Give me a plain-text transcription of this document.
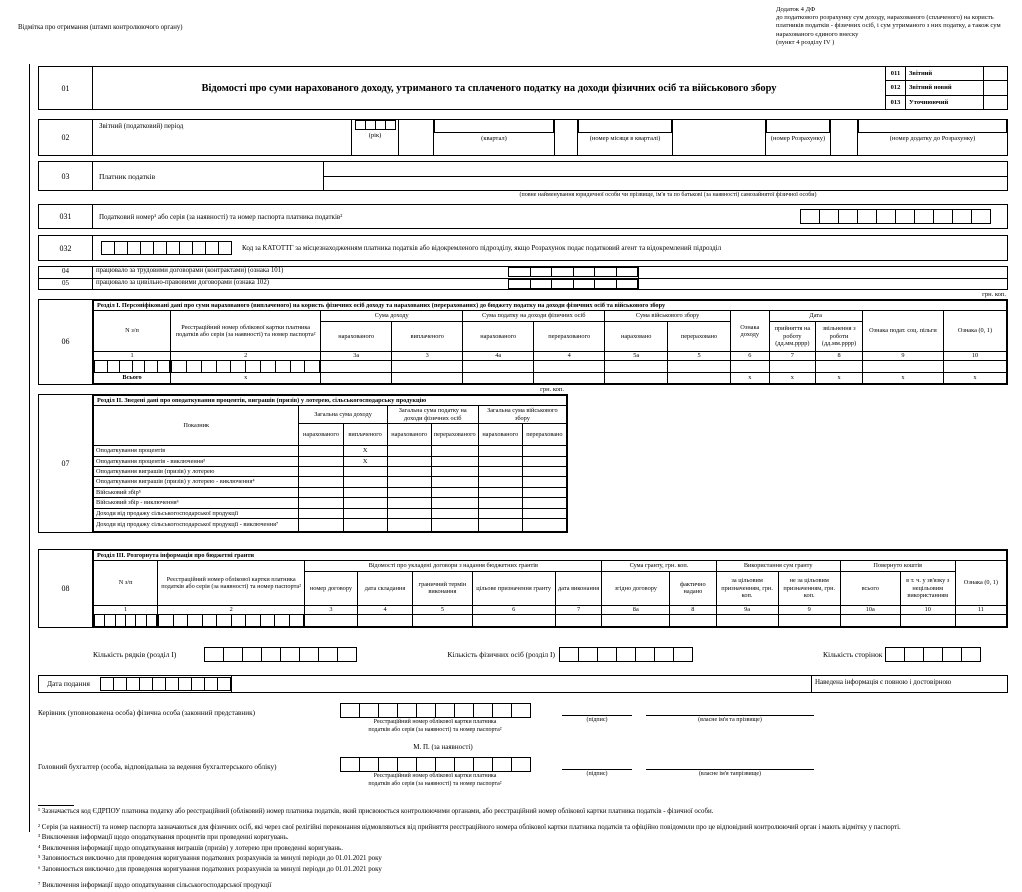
Відмітка про отримання (штамп контролюючого органу)
Додаток 4 ДФ
до податкового розрахунку сум доходу, нарахованого (сплаченого) на користь платників податків - фізичних осіб, і сум утриманого з них податку, а також сум нарахованого єдиного внеску
(пункт 4 розділу IV )
01	Відомості про суми нарахованого доходу, утриманого та сплаченого податку на доходи фізичних осіб та військового збору
011	Звітний
012	Звітний новий
013	Уточнюючий
02
Звітний (податковий) період
(рік)	(квартал)	(номер місяця в кварталі)	(номер Розрахунку)	(номер додатку до Розрахунку)
03	Платник податків
(повне найменування юридичної особи чи прізвище, ім'я та по батькові (за наявності) самозайнятої фізичної особи)
031	Податковий номер¹ або серія (за наявності) та номер паспорта платника податків²
032	Код за КАТОТТГ за місцезнаходженням платника податків або відокремленого підрозділу, якщо Розрахунок подає податковий агент та відокремлений підрозділ
04	працювало за трудовими договорами (контрактами) (ознака 101)
05	працювало за цивільно-правовими договорами (ознака 102)
грн. коп.
06
Розділ I. Персоніфіковані дані про суми нарахованого (виплаченого) на користь фізичних осіб доходу та нарахованих (перерахованих) до бюджету податку на доходи фізичних осіб та військового збору												
N з/п	Реєстраційний номер облікової картки платника податків або серія (за наявності) та номер паспорта²	Сума доходу		Сума податку на доходи фізичних осіб		Сума військового збору		Ознака доходу	Дата		Ознака подат. соц. пільги	Ознака (0, 1)
		нарахованого	виплаченого	нарахованого	перерахованого	нараховано	перераховано		прийняття на роботу (дд.мм.рррр)	звільнення з роботи (дд.мм.рррр)		
1	2	3а	3	4а	4	5а	5	6	7	8	9	10

Всього	х							х	х	х	х	х
грн. коп.
07
Розділ II. Зведені дані про оподаткування процентів, виграшів (призів) у лотерею, сільськогосподарську продукцію						
Показник	Загальна сума доходу		Загальна сума податку на доходи фізичних осіб		Загальна сума військового збору	
	нарахованого	виплаченого	нарахованого	перерахованого	нарахованого	перераховано
Оподаткування процентів		Х				
Оподаткування процентів - виключення³		Х				
Оподаткування виграшів (призів) у лотерею						
Оподаткування виграшів (призів) у лотерею - виключення⁴						
Військовий збір⁵						
Військовий збір - виключення⁶						
Доходи від продажу сільськогосподарської продукції						
Доходи від продажу сільськогосподарської продукції - виключення⁷						
08
Розділ III. Розгорнута інформація про бюджетні гранти													
N з/п	Реєстраційний номер облікової картки платника податків або серія (за наявності) та номер паспорта²	Відомості про укладені договори з надання бюджетних грантів					Сума гранту, грн. коп.		Використання сум гранту		Повернуто коштів		Ознака (0, 1)
		номер договору	дата складання	граничний термін виконання	цільове призначення гранту	дата виконання	згідно договору	фактично надано	за цільовим призначенням, грн. коп.	не за цільовим призначенням, грн. коп.	всього	в т. ч. у зв'язку з нецільовим використанням	
1	2	3	4	5	6	7	8а	8	9а	9	10а	10	11

Кількість рядків (розділ I)	Кількість фізичних осіб (розділ I)	Кількість сторінок
Дата подання	Наведена інформація є повною і достовірною
Керівник (уповноважена особа) фізична особа (законний представник)
Реєстраційний номер облікової картки платника
податків або серія (за наявності) та номер паспорта²
(підпис)	(власне ім'я та прізвище)
М. П. (за наявності)
Головний бухгалтер (особа, відповідальна за ведення бухгалтерського обліку)
Реєстраційний номер облікової картки платника
податків або серія (за наявності) та номер паспорта²
(підпис)	(власне ім'я тапрізвище)
¹ Зазначається код ЄДРПОУ платника податку або реєстраційний (обліковий) номер платника податків, який присвоюється контролюючими органами, або реєстраційний номер облікової картки платника податків - фізичної особи.
² Серія (за наявності) та номер паспорта зазначаються для фізичних осіб, які через свої релігійні переконання відмовляються від прийняття реєстраційного номера облікової картки платника податків та офіційно повідомили про це відповідний контролюючий орган і мають відмітку у паспорті.
³ Виключення інформації щодо оподаткування процентів при проведенні коригувань.
⁴ Виключення інформації щодо оподаткування виграшів (призів) у лотерею при проведенні коригувань.
⁵ Заповнюється виключно для проведення коригування податкових розрахунків за минулі періоди до 01.01.2021 року
⁶ Заповнюється виключно для проведення коригування податкових розрахунків за минулі періоди до 01.01.2021 року
⁷ Виключення інформації щодо оподаткування сільськогосподарської продукції
